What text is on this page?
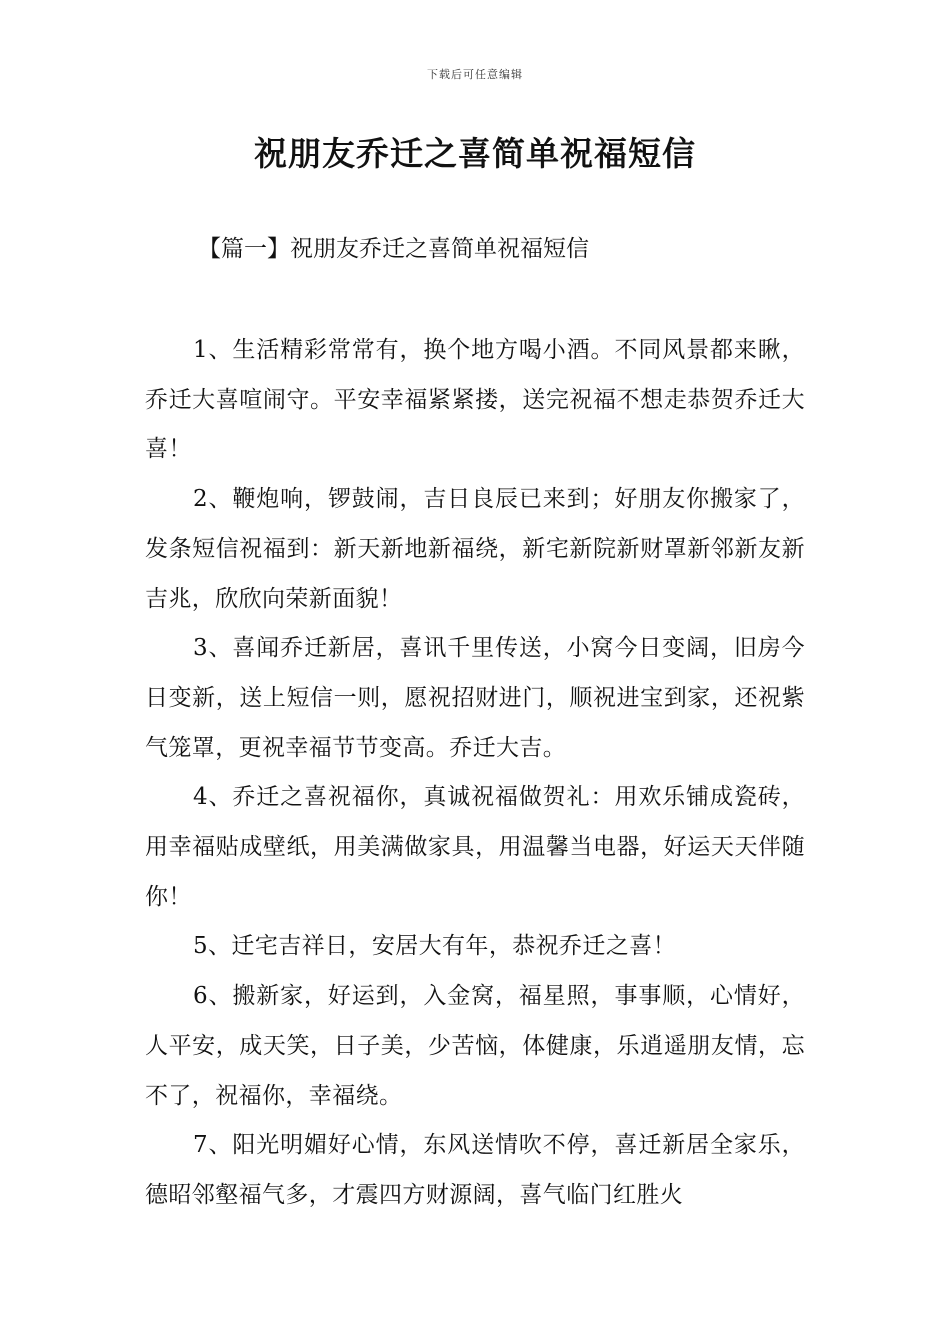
下载后可任意编辑
祝朋友乔迁之喜简单祝福短信
【篇一】祝朋友乔迁之喜简单祝福短信

1、生活精彩常常有，换个地方喝小酒。不同风景都来瞅，乔迁大喜喧闹守。平安幸福紧紧搂，送完祝福不想走恭贺乔迁大喜！

2、鞭炮响，锣鼓闹，吉日良辰已来到；好朋友你搬家了，发条短信祝福到：新天新地新福绕，新宅新院新财罩新邻新友新吉兆，欣欣向荣新面貌！

3、喜闻乔迁新居，喜讯千里传送，小窝今日变阔，旧房今日变新，送上短信一则，愿祝招财进门，顺祝进宝到家，还祝紫气笼罩，更祝幸福节节变高。乔迁大吉。

4、乔迁之喜祝福你，真诚祝福做贺礼：用欢乐铺成瓷砖，用幸福贴成壁纸，用美满做家具，用温馨当电器，好运天天伴随你！

5、迁宅吉祥日，安居大有年，恭祝乔迁之喜！

6、搬新家，好运到，入金窝，福星照，事事顺，心情好，人平安，成天笑，日子美，少苦恼，体健康，乐逍遥朋友情，忘不了，祝福你，幸福绕。

7、阳光明媚好心情，东风送情吹不停，喜迁新居全家乐，德昭邻壑福气多，才震四方财源阔，喜气临门红胜火
